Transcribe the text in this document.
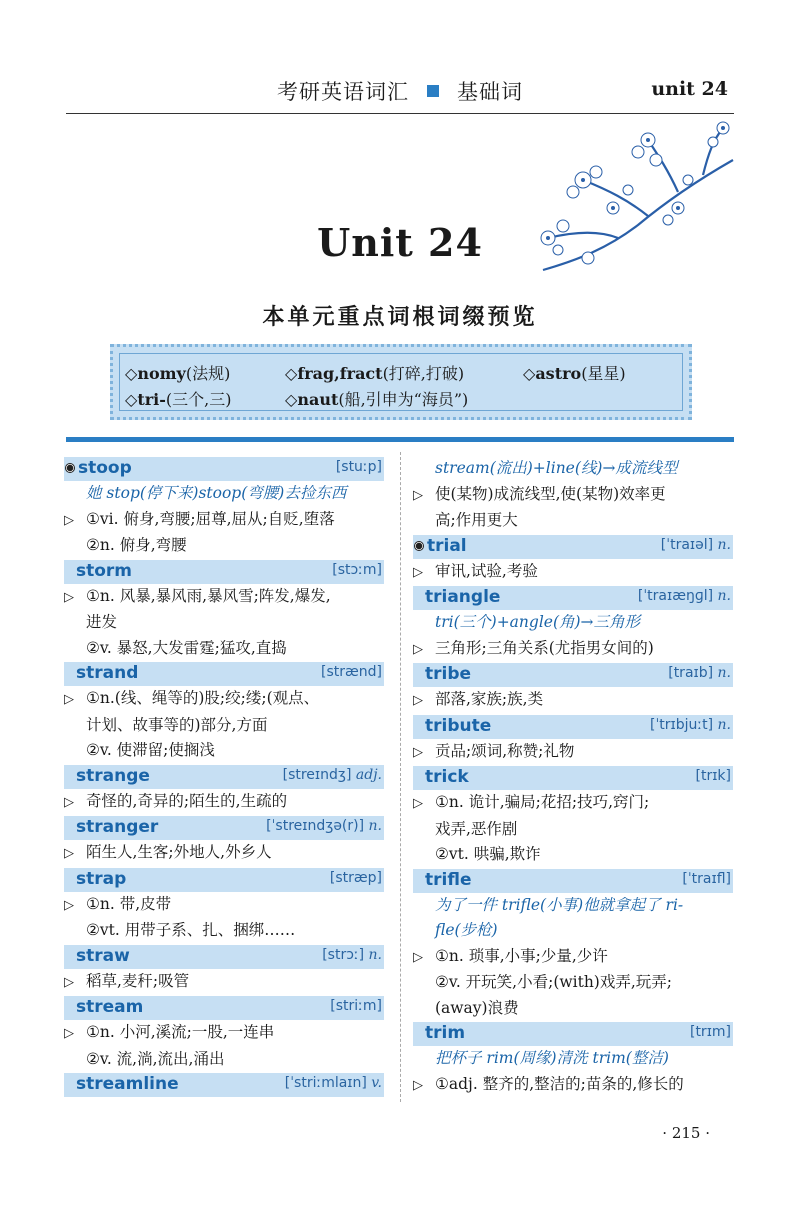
考研英语词汇 基础词	unit 24
Unit 24
本单元重点词根词缀预览
◇nomy(法规)	◇frag,fract(打碎,打破)	◇astro(星星)
◇tri-(三个,三)	◇naut(船,引申为“海员”)
stoop	[stuːp]
她 stop(停下来)stoop(弯腰)去捡东西
▷ ①vi. 俯身,弯腰;屈尊,屈从;自贬,堕落
②n. 俯身,弯腰
storm	[stɔːm]
▷ ①n. 风暴,暴风雨,暴风雪;阵发,爆发,
进发
②v. 暴怒,大发雷霆;猛攻,直捣
strand	[strænd]
▷ ①n.(线、绳等的)股;绞;缕;(观点、
计划、故事等的)部分,方面
②v. 使滞留;使搁浅
strange	[streɪndʒ] adj.
▷ 奇怪的,奇异的;陌生的,生疏的
stranger	[ˈstreɪndʒə(r)] n.
▷ 陌生人,生客;外地人,外乡人
strap	[stræp]
▷ ①n. 带,皮带
②vt. 用带子系、扎、捆绑……
straw	[strɔː] n.
▷ 稻草,麦秆;吸管
stream	[striːm]
▷ ①n. 小河,溪流;一股,一连串
②v. 流,淌,流出,涌出
streamline	[ˈstriːmlaɪn] v.
stream(流出)+line(线)→成流线型
▷ 使(某物)成流线型,使(某物)效率更
高;作用更大
trial	[ˈtraɪəl] n.
▷ 审讯,试验,考验
triangle	[ˈtraɪæŋɡl] n.
tri(三个)+angle(角)→三角形
▷ 三角形;三角关系(尤指男女间的)
tribe	[traɪb] n.
▷ 部落,家族;族,类
tribute	[ˈtrɪbjuːt] n.
▷ 贡品;颂词,称赞;礼物
trick	[trɪk]
▷ ①n. 诡计,骗局;花招;技巧,窍门;
戏弄,恶作剧
②vt. 哄骗,欺诈
trifle	[ˈtraɪfl]
为了一件 trifle(小事)他就拿起了 ri-
fle(步枪)
▷ ①n. 琐事,小事;少量,少许
②v. 开玩笑,小看;(with)戏弄,玩弄;
(away)浪费
trim	[trɪm]
把杯子 rim(周缘)清洗 trim(整洁)
▷ ①adj. 整齐的,整洁的;苗条的,修长的
· 215 ·
